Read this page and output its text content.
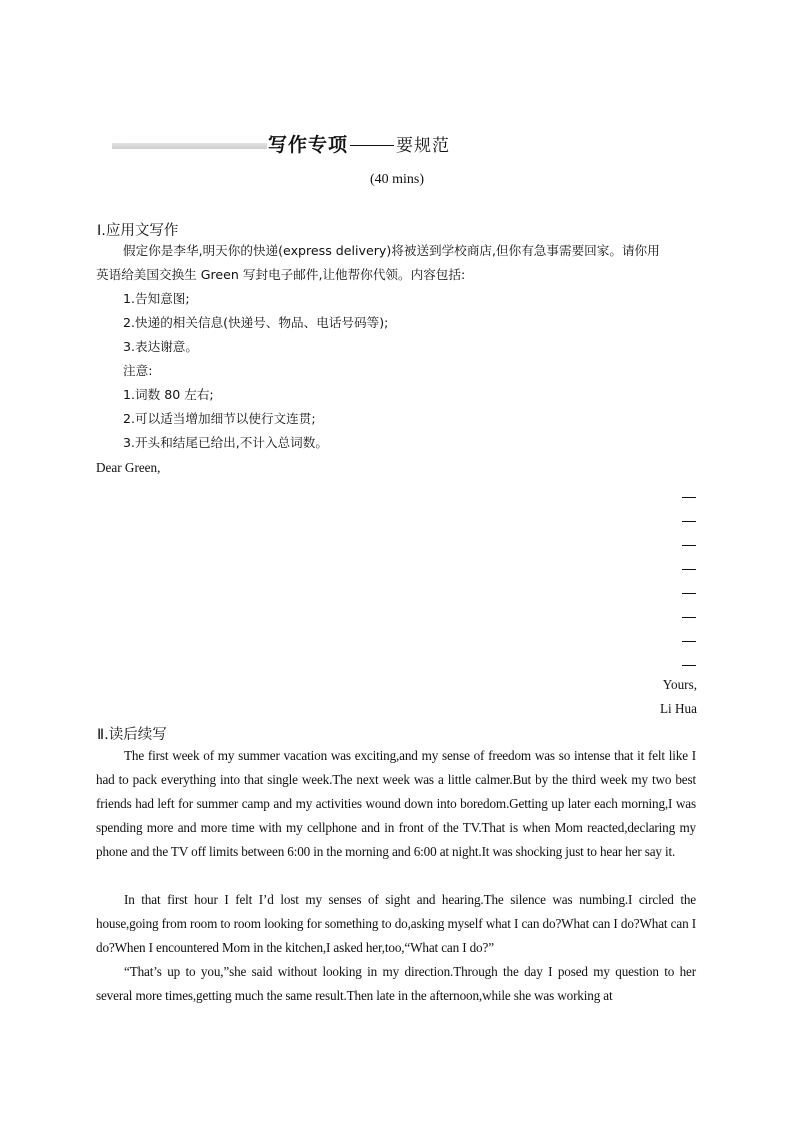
写作专项	要规范
(40 mins)
Ⅰ.应用文写作
假定你是李华,明天你的快递(express delivery)将被送到学校商店,但你有急事需要回家。请你用
英语给美国交换生 Green 写封电子邮件,让他帮你代领。内容包括:
1.告知意图;
2.快递的相关信息(快递号、物品、电话号码等);
3.表达谢意。
注意:
1.词数 80 左右;
2.可以适当增加细节以使行文连贯;
3.开头和结尾已给出,不计入总词数。
Dear Green,
Yours,
Li Hua
Ⅱ.读后续写
The first week of my summer vacation was exciting,and my sense of freedom was so intense that it felt like I had to pack everything into that single week.The next week was a little calmer.But by the third week my two best friends had left for summer camp and my activities wound down into boredom.Getting up later each morning,I was spending more and more time with my cellphone and in front of the TV.That is when Mom reacted,declaring my phone and the TV off limits between 6:00 in the morning and 6:00 at night.It was shocking just to hear her say it.
In that first hour I felt I’d lost my senses of sight and hearing.The silence was numbing.I circled the house,going from room to room looking for something to do,asking myself what I can do?What can I do?What can I do?When I encountered Mom in the kitchen,I asked her,too,“What can I do?”
“That’s up to you,”she said without looking in my direction.Through the day I posed my question to her several more times,getting much the same result.Then late in the afternoon,while she was working at
